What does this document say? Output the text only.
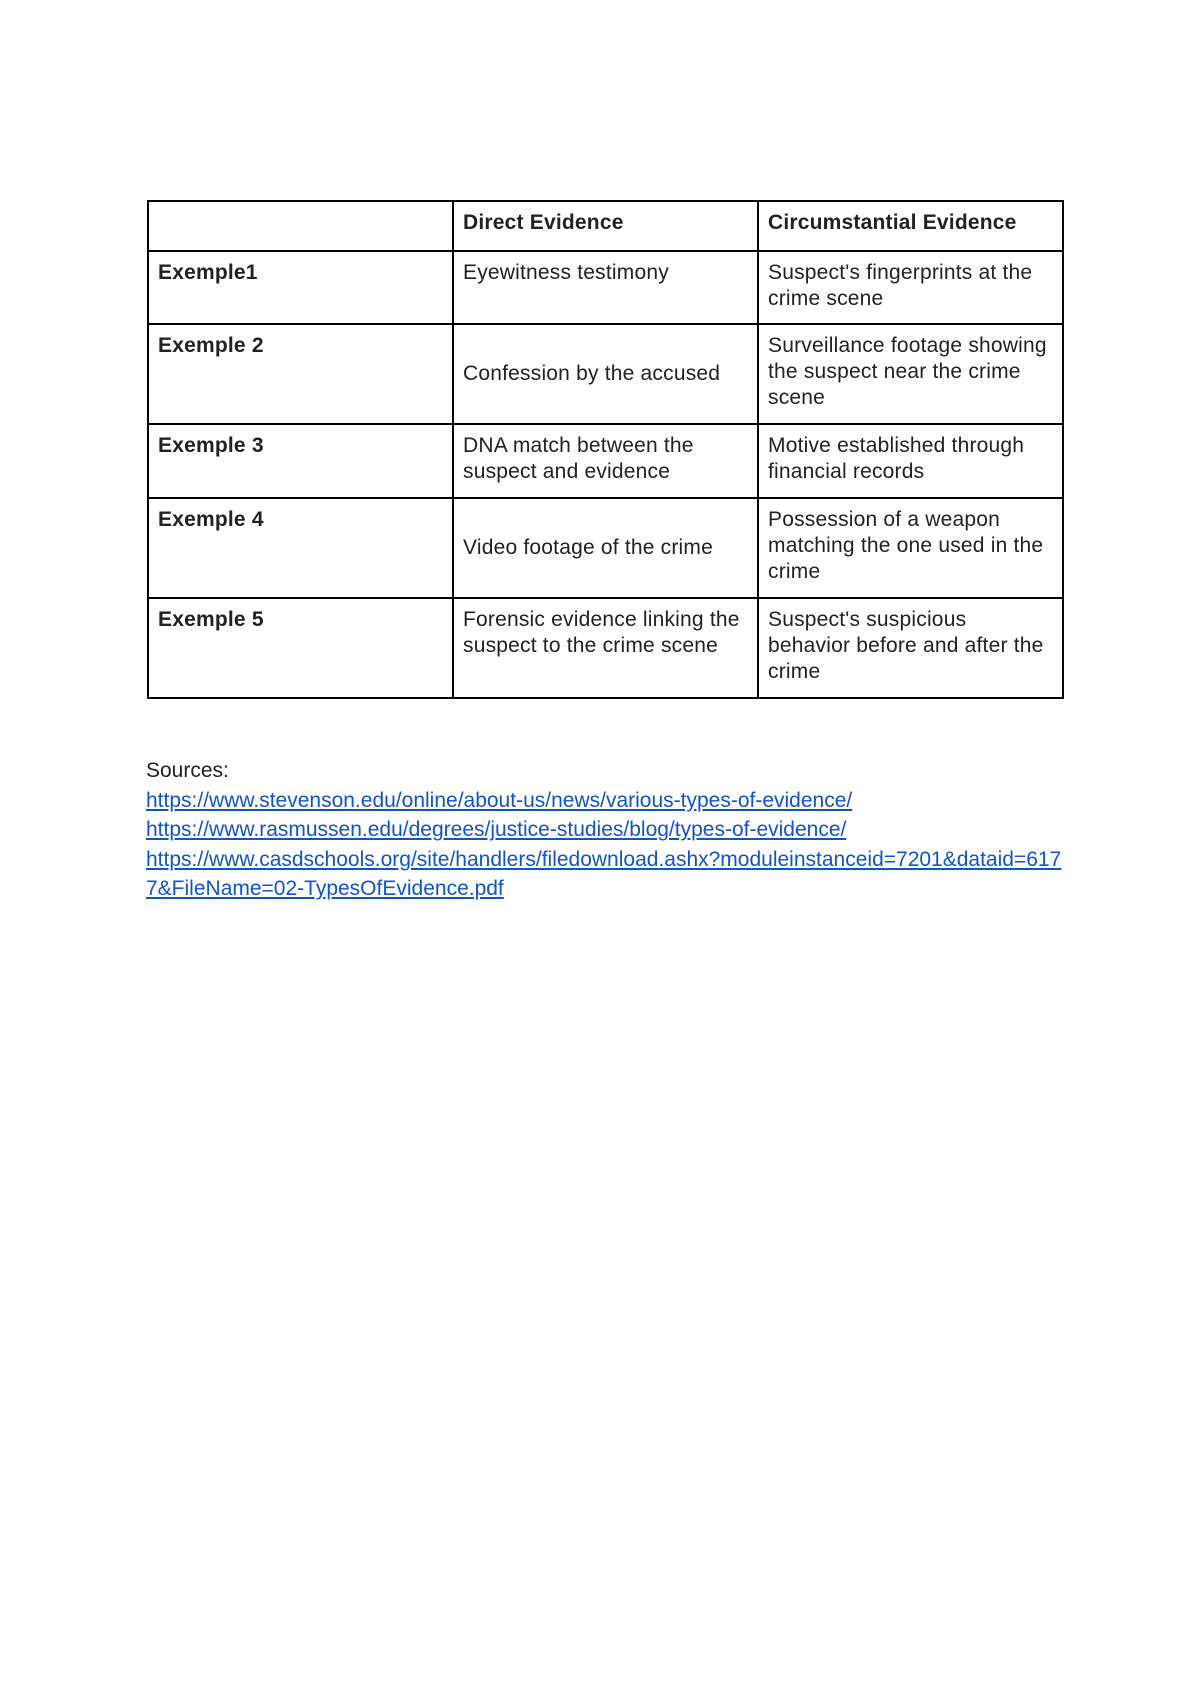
	Direct Evidence	Circumstantial Evidence
Exemple1	Eyewitness testimony	Suspect's fingerprints at the crime scene
Exemple 2	Confession by the accused	Surveillance footage showing the suspect near the crime scene
Exemple 3	DNA match between the suspect and evidence	Motive established through financial records
Exemple 4	Video footage of the crime	Possession of a weapon matching the one used in the crime
Exemple 5	Forensic evidence linking the suspect to the crime scene	Suspect's suspicious behavior before and after the crime
Sources:
https://www.stevenson.edu/online/about-us/news/various-types-of-evidence/
https://www.rasmussen.edu/degrees/justice-studies/blog/types-of-evidence/
https://www.casdschools.org/site/handlers/filedownload.ashx?moduleinstanceid=7201&dataid=6177&FileName=02-TypesOfEvidence.pdf
